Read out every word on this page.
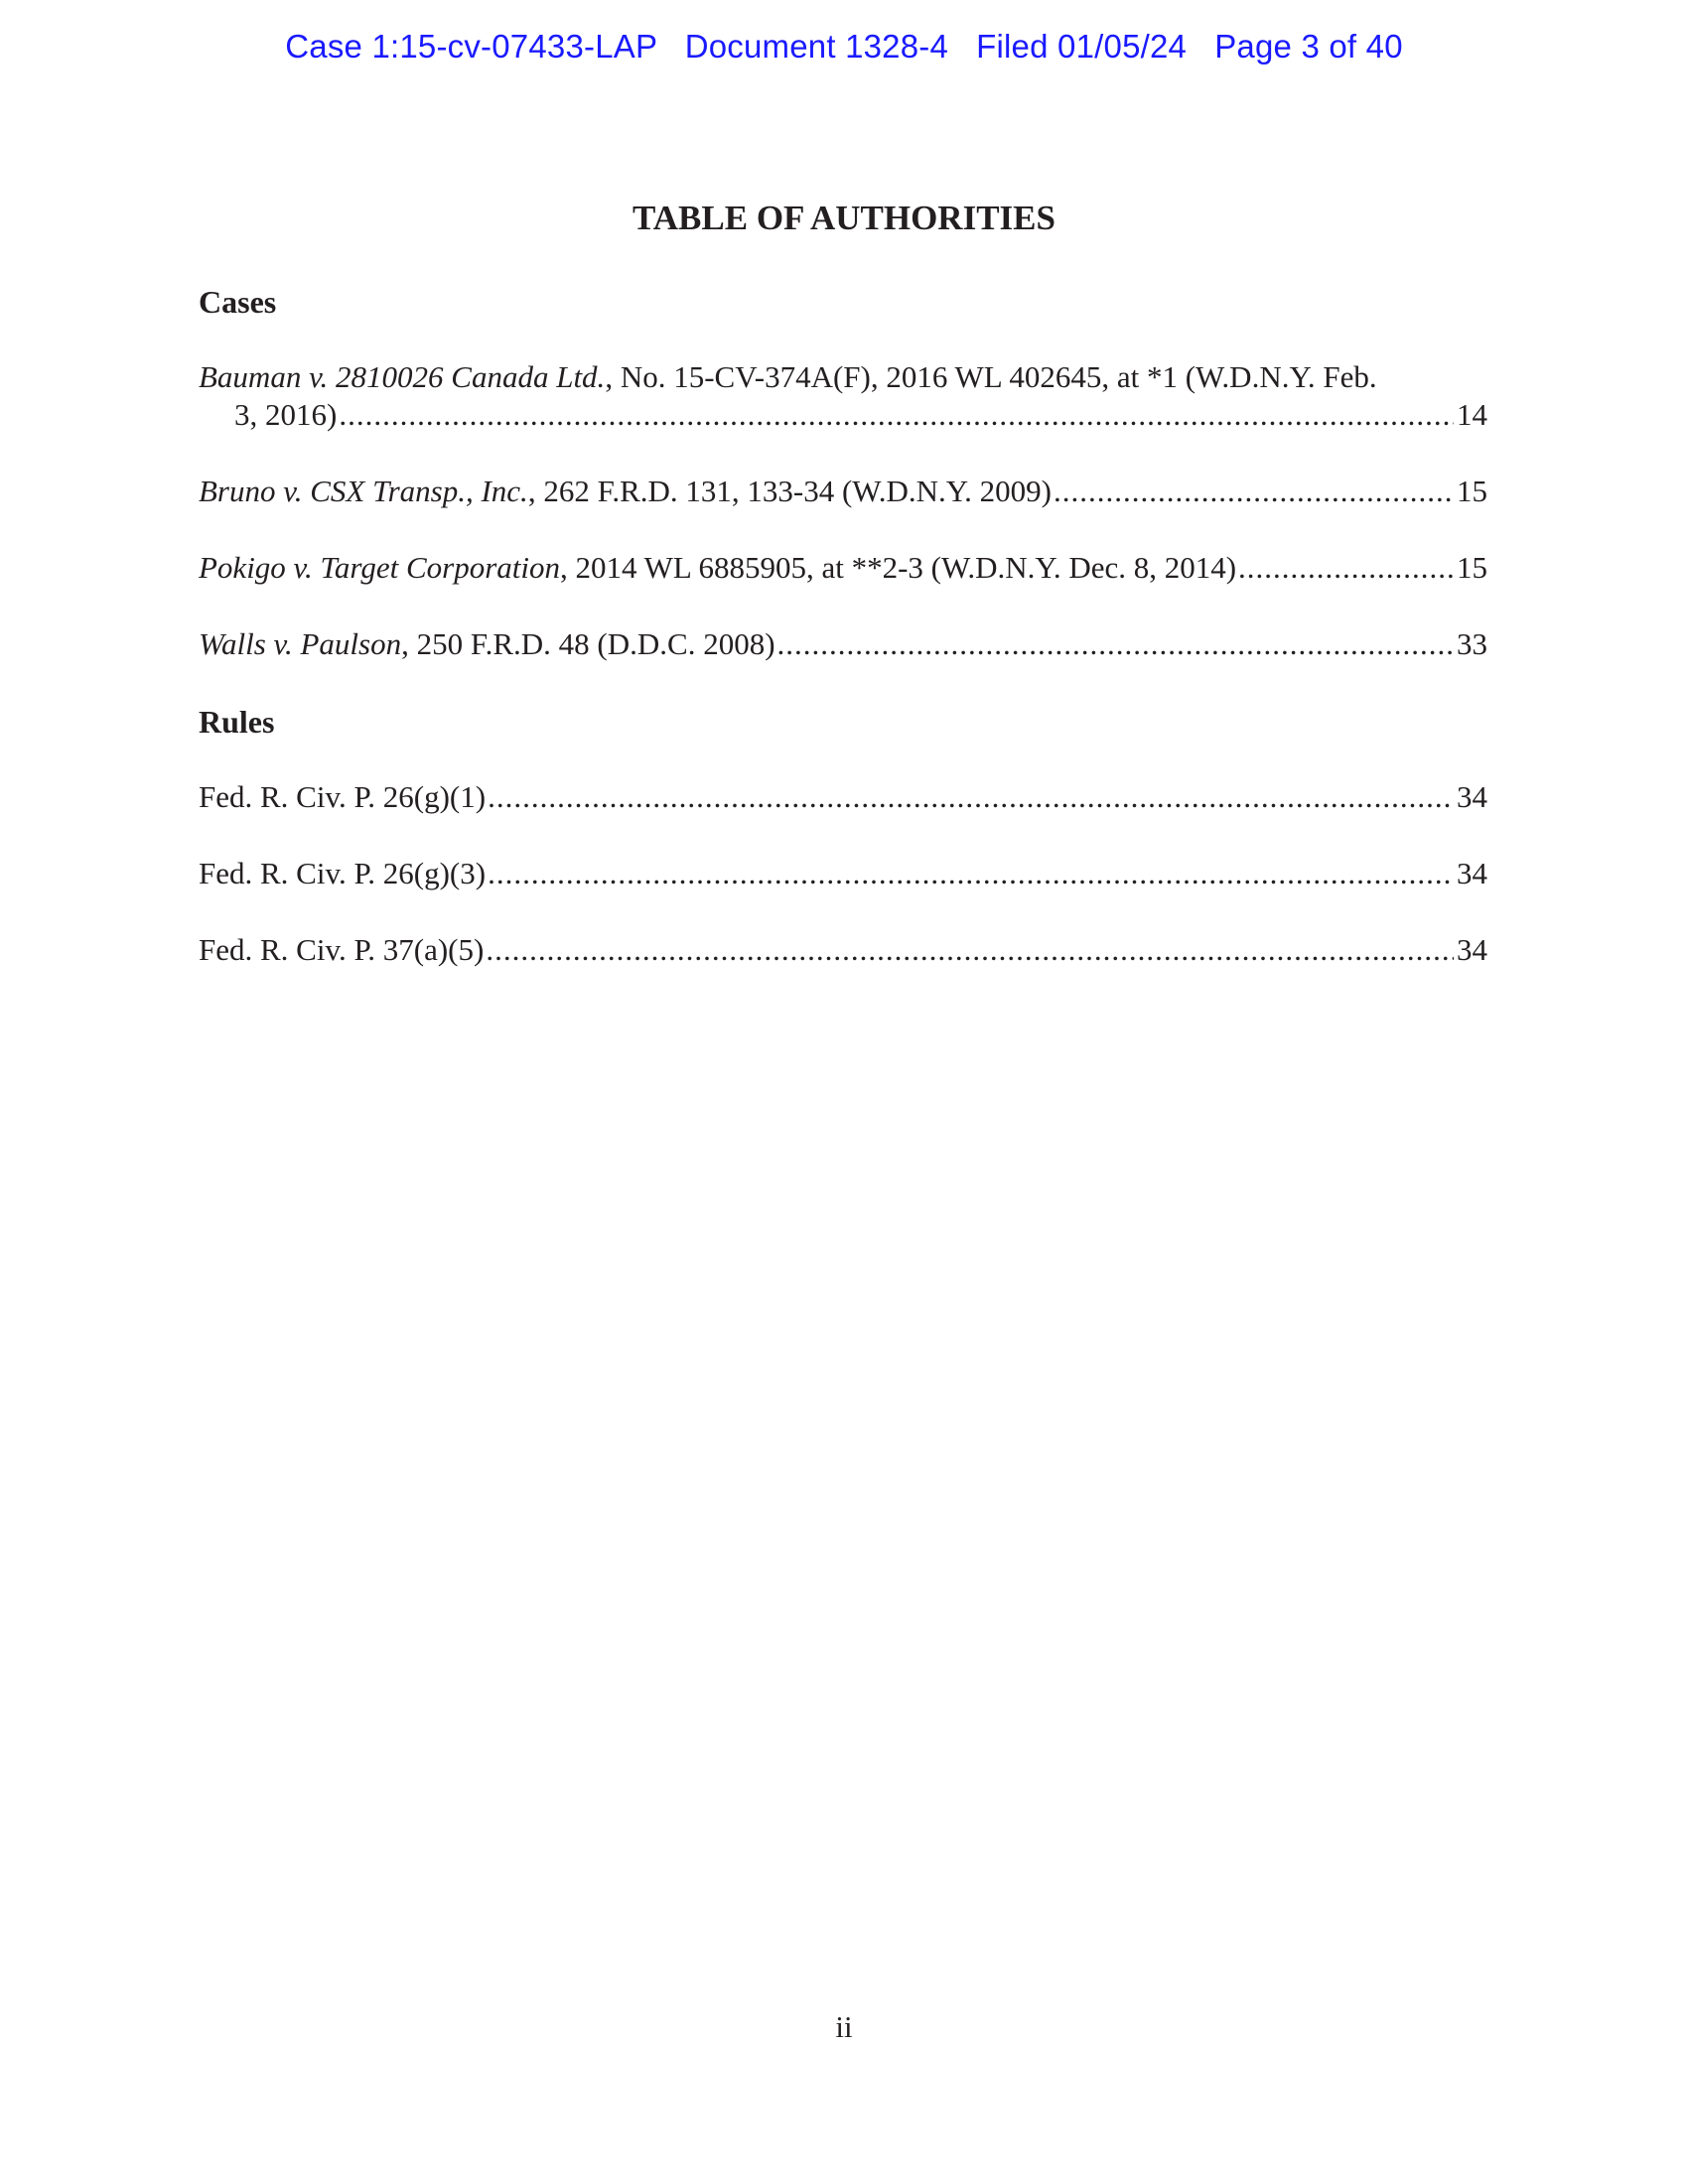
Case 1:15-cv-07433-LAP Document 1328-4 Filed 01/05/24 Page 3 of 40
TABLE OF AUTHORITIES
Cases
Bauman v. 2810026 Canada Ltd., No. 15-CV-374A(F), 2016 WL 402645, at *1 (W.D.N.Y. Feb.
3, 2016) .....	14
Bruno v. CSX Transp., Inc., 262 F.R.D. 131, 133-34 (W.D.N.Y. 2009) .....	15
Pokigo v. Target Corporation, 2014 WL 6885905, at **2-3 (W.D.N.Y. Dec. 8, 2014) .....	15
Walls v. Paulson, 250 F.R.D. 48 (D.D.C. 2008) .....	33
Rules
Fed. R. Civ. P. 26(g)(1) .....	34
Fed. R. Civ. P. 26(g)(3) .....	34
Fed. R. Civ. P. 37(a)(5) .....	34
ii
